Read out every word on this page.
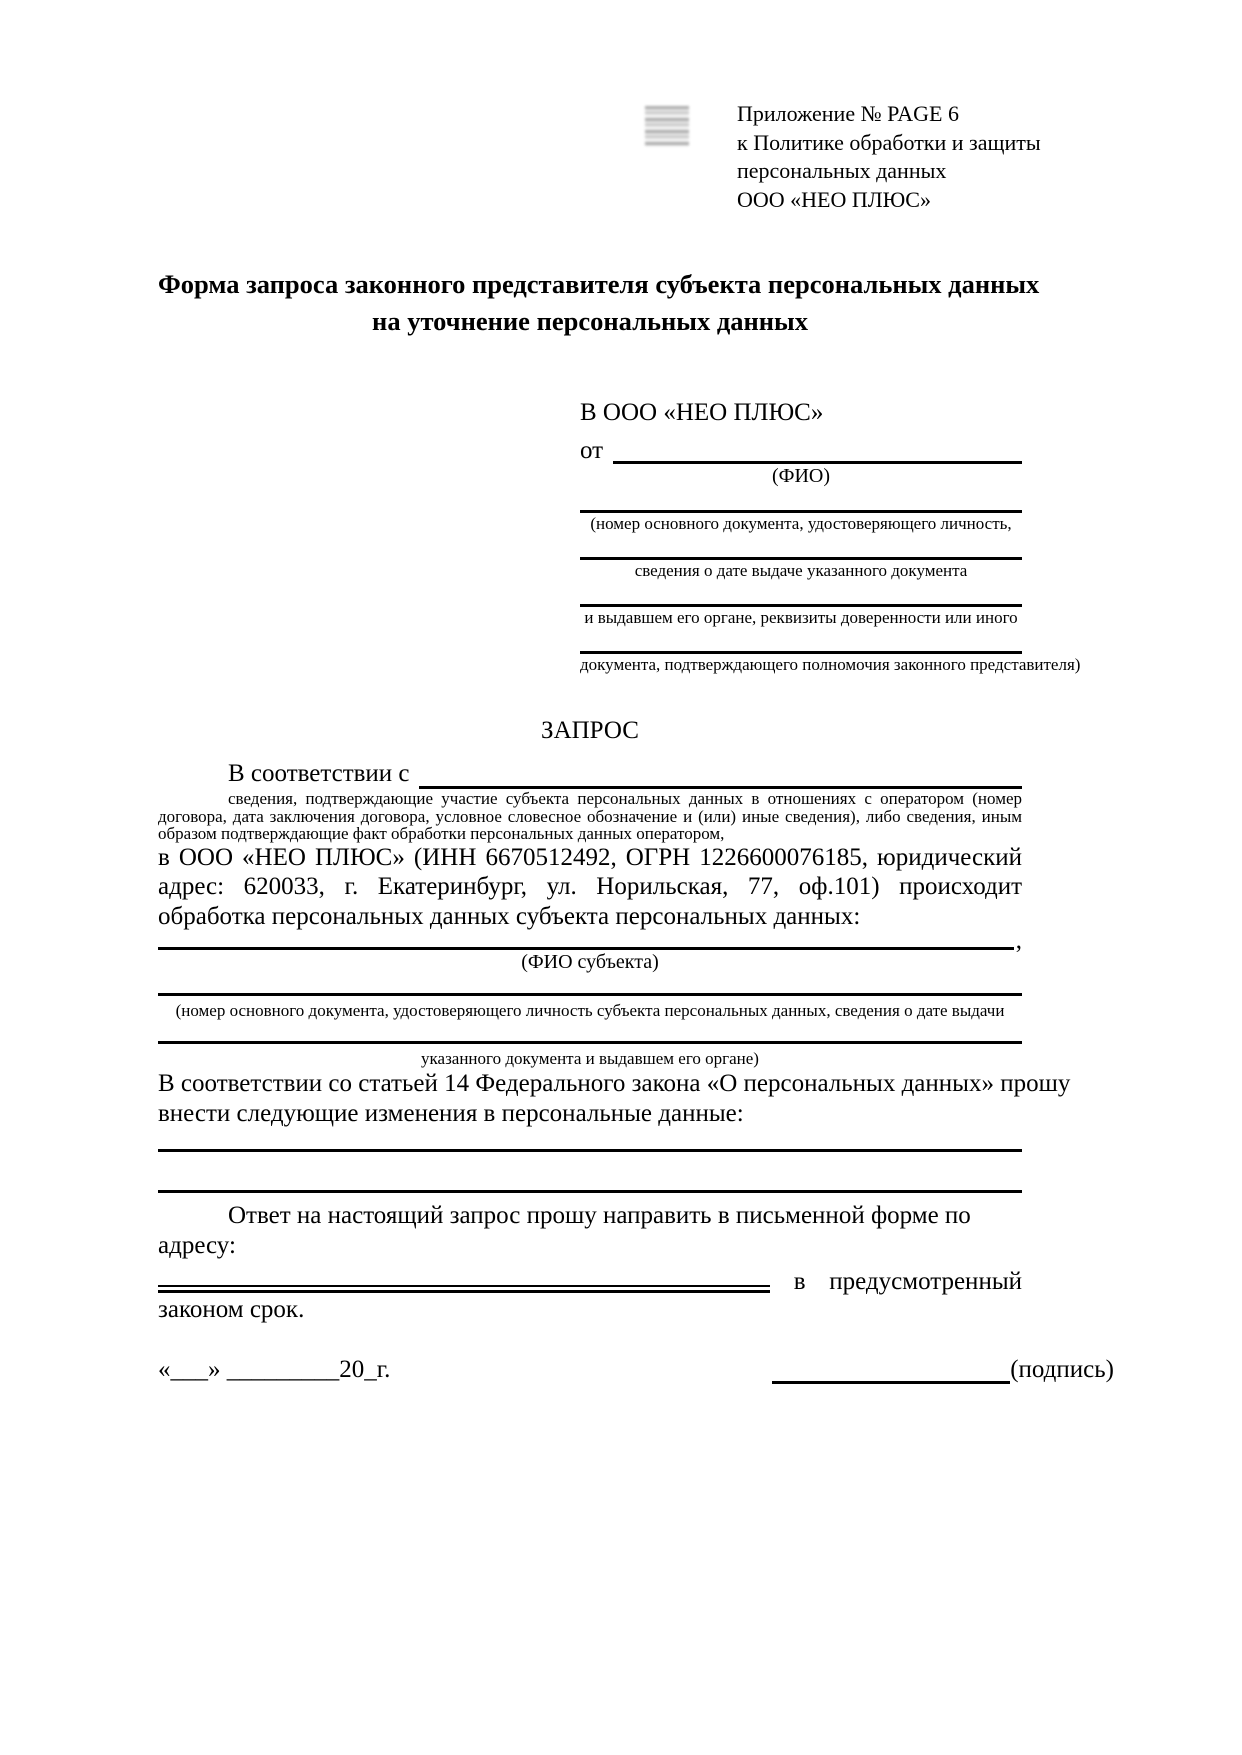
Приложение № PAGE 6
к Политике обработки и защиты
персональных данных
ООО «НЕО ПЛЮС»
Форма запроса законного представителя субъекта персональных данных
на уточнение персональных данных
В ООО «НЕО ПЛЮС»
от
(ФИО)
(номер основного документа, удостоверяющего личность,
сведения о дате выдаче указанного документа
и выдавшем его органе, реквизиты доверенности или иного
документа, подтверждающего полномочия законного представителя)
ЗАПРОС
В соответствии с
сведения, подтверждающие участие субъекта персональных данных в отношениях с оператором (номер договора, дата заключения договора, условное словесное обозначение и (или) иные сведения), либо сведения, иным образом подтверждающие факт обработки персональных данных оператором,
в ООО «НЕО ПЛЮС» (ИНН 6670512492, ОГРН 1226600076185, юридический адрес: 620033, г. Екатеринбург, ул. Норильская, 77, оф.101) происходит обработка персональных данных субъекта персональных данных:
,
(ФИО субъекта)
(номер основного документа, удостоверяющего личность субъекта персональных данных, сведения о дате выдачи
указанного документа и выдавшем его органе)
В соответствии со статьей 14 Федерального закона «О персональных данных» прошу
внести следующие изменения в персональные данные:
Ответ на настоящий запрос прошу направить в письменной форме по адресу:
в предусмотренный
законом срок.
«___» _________20_г.	(подпись)
